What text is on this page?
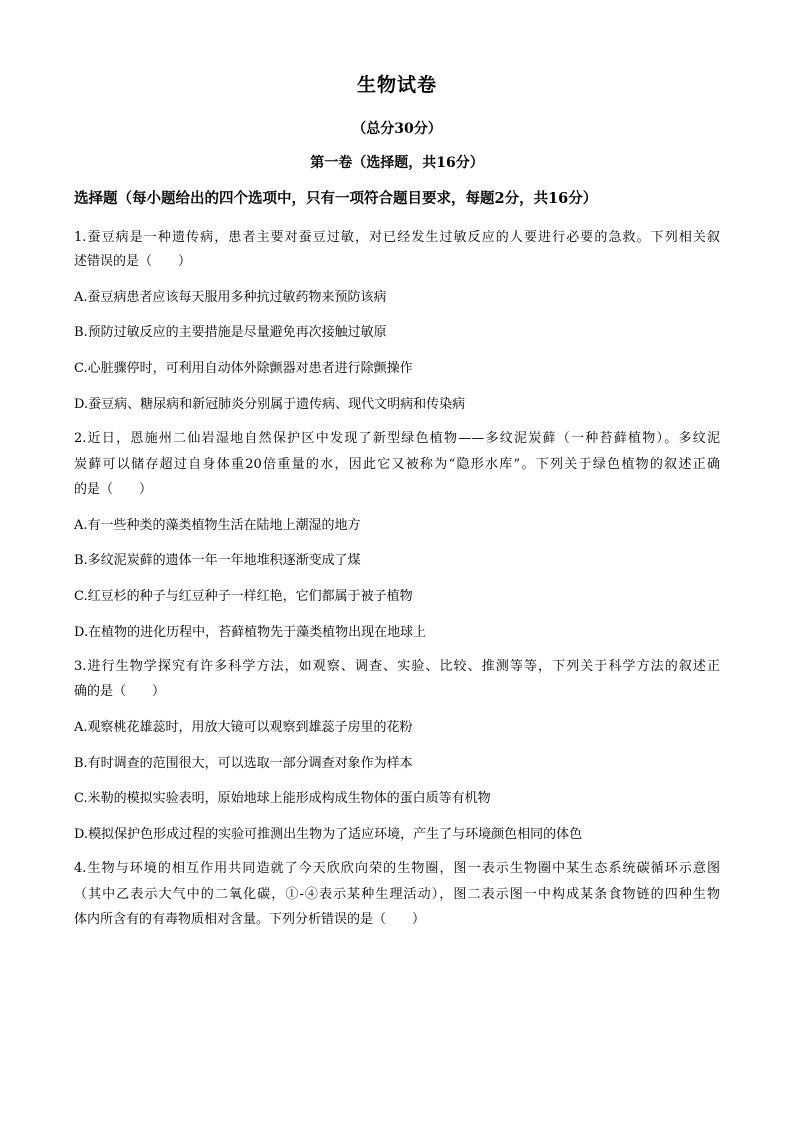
生物试卷
（总分30分）
第一卷（选择题，共16分）
选择题（每小题给出的四个选项中，只有一项符合题目要求，每题2分，共16分）
1.蚕豆病是一种遗传病，患者主要对蚕豆过敏，对已经发生过敏反应的人要进行必要的急救。下列相关叙
述错误的是（　　）
A.蚕豆病患者应该每天服用多种抗过敏药物来预防该病
B.预防过敏反应的主要措施是尽量避免再次接触过敏原
C.心脏骤停时，可利用自动体外除颤器对患者进行除颤操作
D.蚕豆病、糖尿病和新冠肺炎分别属于遗传病、现代文明病和传染病
2.近日，恩施州二仙岩湿地自然保护区中发现了新型绿色植物——多纹泥炭藓（一种苔藓植物）。多纹泥
炭藓可以储存超过自身体重20倍重量的水，因此它又被称为“隐形水库”。下列关于绿色植物的叙述正确
的是（　　）
A.有一些种类的藻类植物生活在陆地上潮湿的地方
B.多纹泥炭藓的遗体一年一年地堆积逐渐变成了煤
C.红豆杉的种子与红豆种子一样红艳，它们都属于被子植物
D.在植物的进化历程中，苔藓植物先于藻类植物出现在地球上
3.进行生物学探究有许多科学方法，如观察、调查、实验、比较、推测等等，下列关于科学方法的叙述正
确的是（　　）
A.观察桃花雄蕊时，用放大镜可以观察到雄蕊子房里的花粉
B.有时调查的范围很大，可以选取一部分调查对象作为样本
C.米勒的模拟实验表明，原始地球上能形成构成生物体的蛋白质等有机物
D.模拟保护色形成过程的实验可推测出生物为了适应环境，产生了与环境颜色相同的体色
4.生物与环境的相互作用共同造就了今天欣欣向荣的生物圈，图一表示生物圈中某生态系统碳循环示意图
（其中乙表示大气中的二氧化碳，①-④表示某种生理活动），图二表示图一中构成某条食物链的四种生物
体内所含有的有毒物质相对含量。下列分析错误的是（　　）
